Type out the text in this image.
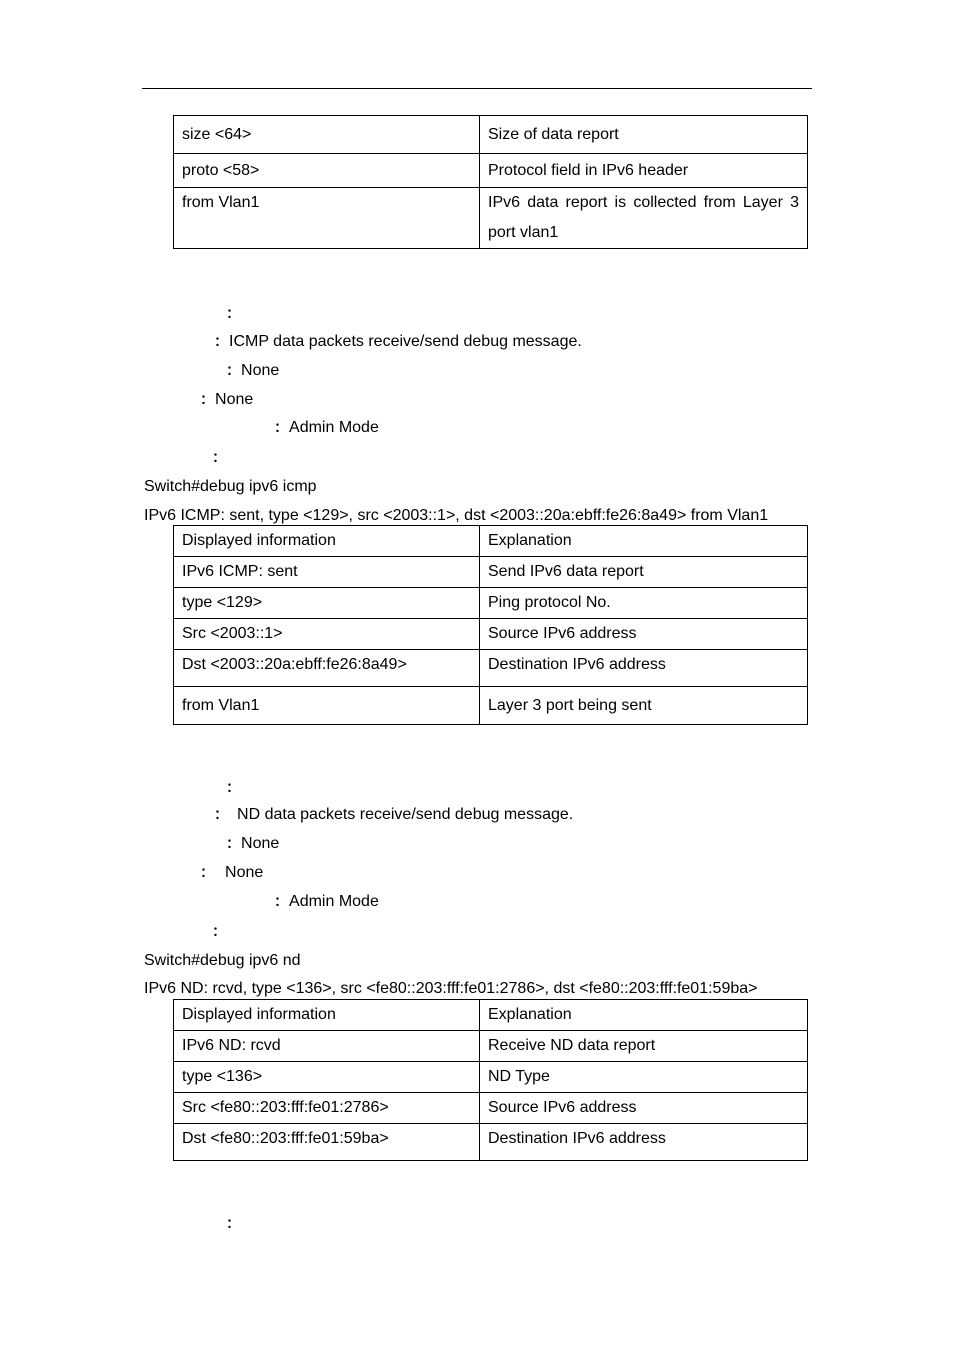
size <64>	Size of data report
proto <58>	Protocol field in IPv6 header
from Vlan1	IPv6 data report is collected from Layer 3 port vlan1
：
：ICMP data packets receive/send debug message.
：None
：None
：Admin Mode
：
Switch#debug ipv6 icmp
IPv6 ICMP: sent, type <129>, src <2003::1>, dst <2003::20a:ebff:fe26:8a49> from Vlan1
Displayed information	Explanation
IPv6 ICMP: sent	Send IPv6 data report
type <129>	Ping protocol No.
Src <2003::1>	Source IPv6 address
Dst <2003::20a:ebff:fe26:8a49>	Destination IPv6 address
from Vlan1	Layer 3 port being sent
：
： ND data packets receive/send debug message.
：None
： None
：Admin Mode
：
Switch#debug ipv6 nd
IPv6 ND: rcvd, type <136>, src <fe80::203:fff:fe01:2786>, dst <fe80::203:fff:fe01:59ba>
Displayed information	Explanation
IPv6 ND: rcvd	Receive ND data report
type <136>	ND Type
Src <fe80::203:fff:fe01:2786>	Source IPv6 address
Dst <fe80::203:fff:fe01:59ba>	Destination IPv6 address
：
